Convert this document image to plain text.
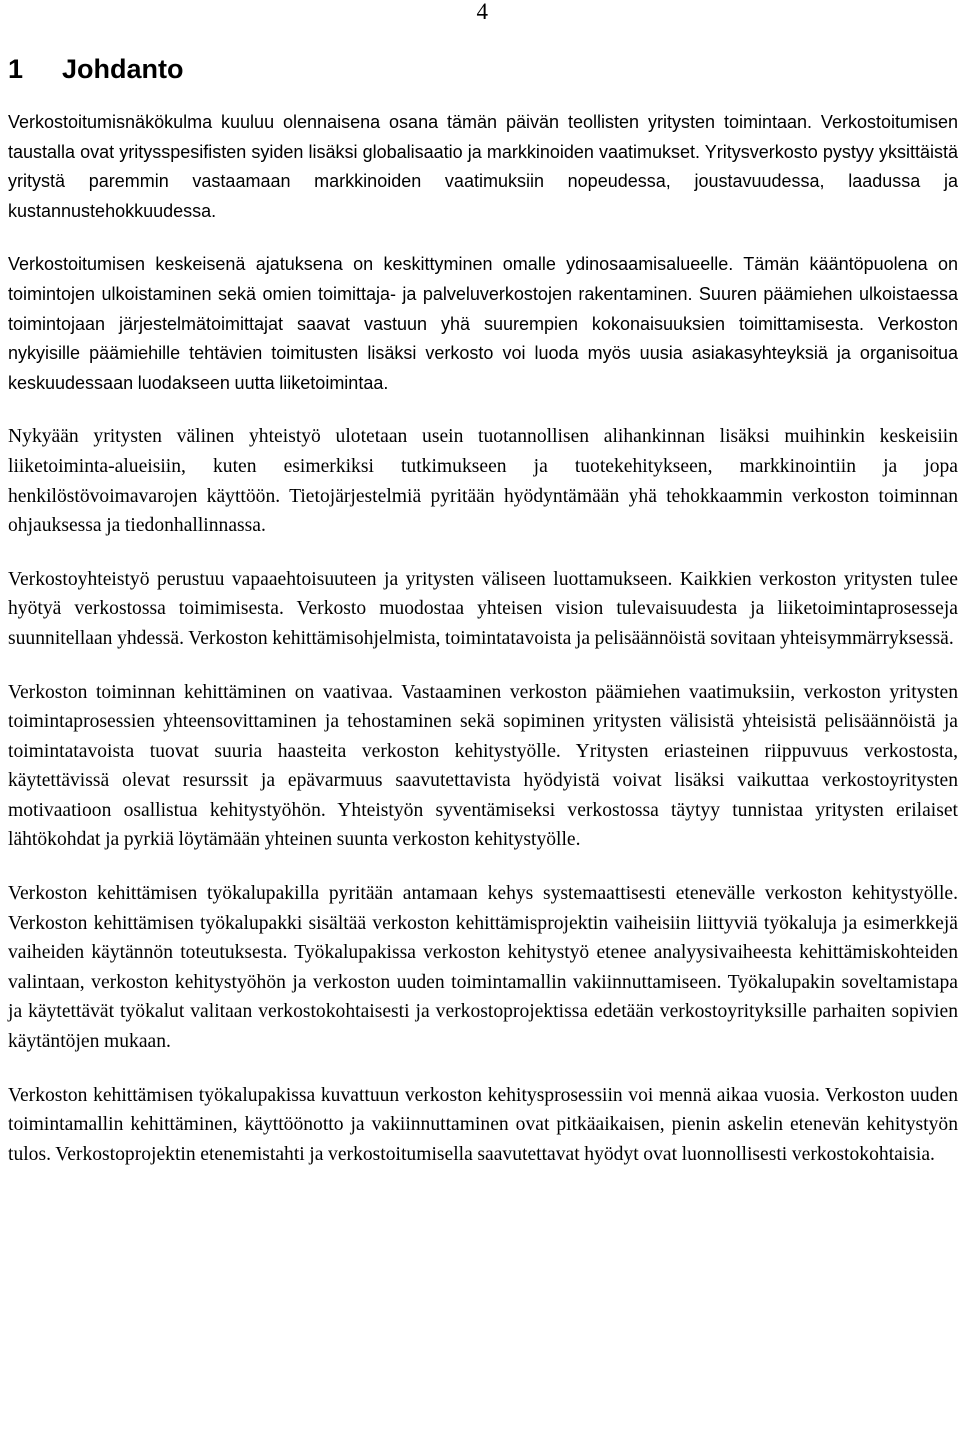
4
1 Johdanto

Verkostoitumisnäkökulma kuuluu olennaisena osana tämän päivän teollisten yritysten toimintaan. Verkostoitumisen taustalla ovat yritysspesifisten syiden lisäksi globalisaatio ja markkinoiden vaatimukset. Yritysverkosto pystyy yksittäistä yritystä paremmin vastaamaan markkinoiden vaatimuksiin nopeudessa, joustavuudessa, laadussa ja kustannustehokkuudessa.

Verkostoitumisen keskeisenä ajatuksena on keskittyminen omalle ydinosaamisalueelle. Tämän kääntöpuolena on toimintojen ulkoistaminen sekä omien toimittaja- ja palveluverkostojen rakentaminen. Suuren päämiehen ulkoistaessa toimintojaan järjestelmätoimittajat saavat vastuun yhä suurempien kokonaisuuksien toimittamisesta. Verkoston nykyisille päämiehille tehtävien toimitusten lisäksi verkosto voi luoda myös uusia asiakasyhteyksiä ja organisoitua keskuudessaan luodakseen uutta liiketoimintaa.

Nykyään yritysten välinen yhteistyö ulotetaan usein tuotannollisen alihankinnan lisäksi muihinkin keskeisiin liiketoiminta-alueisiin, kuten esimerkiksi tutkimukseen ja tuotekehitykseen, markkinointiin ja jopa henkilöstövoimavarojen käyttöön. Tietojärjestelmiä pyritään hyödyntämään yhä tehokkaammin verkoston toiminnan ohjauksessa ja tiedonhallinnassa.

Verkostoyhteistyö perustuu vapaaehtoisuuteen ja yritysten väliseen luottamukseen. Kaikkien verkoston yritysten tulee hyötyä verkostossa toimimisesta. Verkosto muodostaa yhteisen vision tulevaisuudesta ja liiketoimintaprosesseja suunnitellaan yhdessä. Verkoston kehittämisohjelmista, toimintatavoista ja pelisäännöistä sovitaan yhteisymmärryksessä.

Verkoston toiminnan kehittäminen on vaativaa. Vastaaminen verkoston päämiehen vaatimuksiin, verkoston yritysten toimintaprosessien yhteensovittaminen ja tehostaminen sekä sopiminen yritysten välisistä yhteisistä pelisäännöistä ja toimintatavoista tuovat suuria haasteita verkoston kehitystyölle. Yritysten eriasteinen riippuvuus verkostosta, käytettävissä olevat resurssit ja epävarmuus saavutettavista hyödyistä voivat lisäksi vaikuttaa verkostoyritysten motivaatioon osallistua kehitystyöhön. Yhteistyön syventämiseksi verkostossa täytyy tunnistaa yritysten erilaiset lähtökohdat ja pyrkiä löytämään yhteinen suunta verkoston kehitystyölle.

Verkoston kehittämisen työkalupakilla pyritään antamaan kehys systemaattisesti etenevälle verkoston kehitystyölle. Verkoston kehittämisen työkalupakki sisältää verkoston kehittämisprojektin vaiheisiin liittyviä työkaluja ja esimerkkejä vaiheiden käytännön toteutuksesta. Työkalupakissa verkoston kehitystyö etenee analyysivaiheesta kehittämiskohteiden valintaan, verkoston kehitystyöhön ja verkoston uuden toimintamallin vakiinnuttamiseen. Työkalupakin soveltamistapa ja käytettävät työkalut valitaan verkostokohtaisesti ja verkostoprojektissa edetään verkostoyrityksille parhaiten sopivien käytäntöjen mukaan.

Verkoston kehittämisen työkalupakissa kuvattuun verkoston kehitysprosessiin voi mennä aikaa vuosia. Verkoston uuden toimintamallin kehittäminen, käyttöönotto ja vakiinnuttaminen ovat pitkäaikaisen, pienin askelin etenevän kehitystyön tulos. Verkostoprojektin etenemistahti ja verkostoitumisella saavutettavat hyödyt ovat luonnollisesti verkostokohtaisia.
